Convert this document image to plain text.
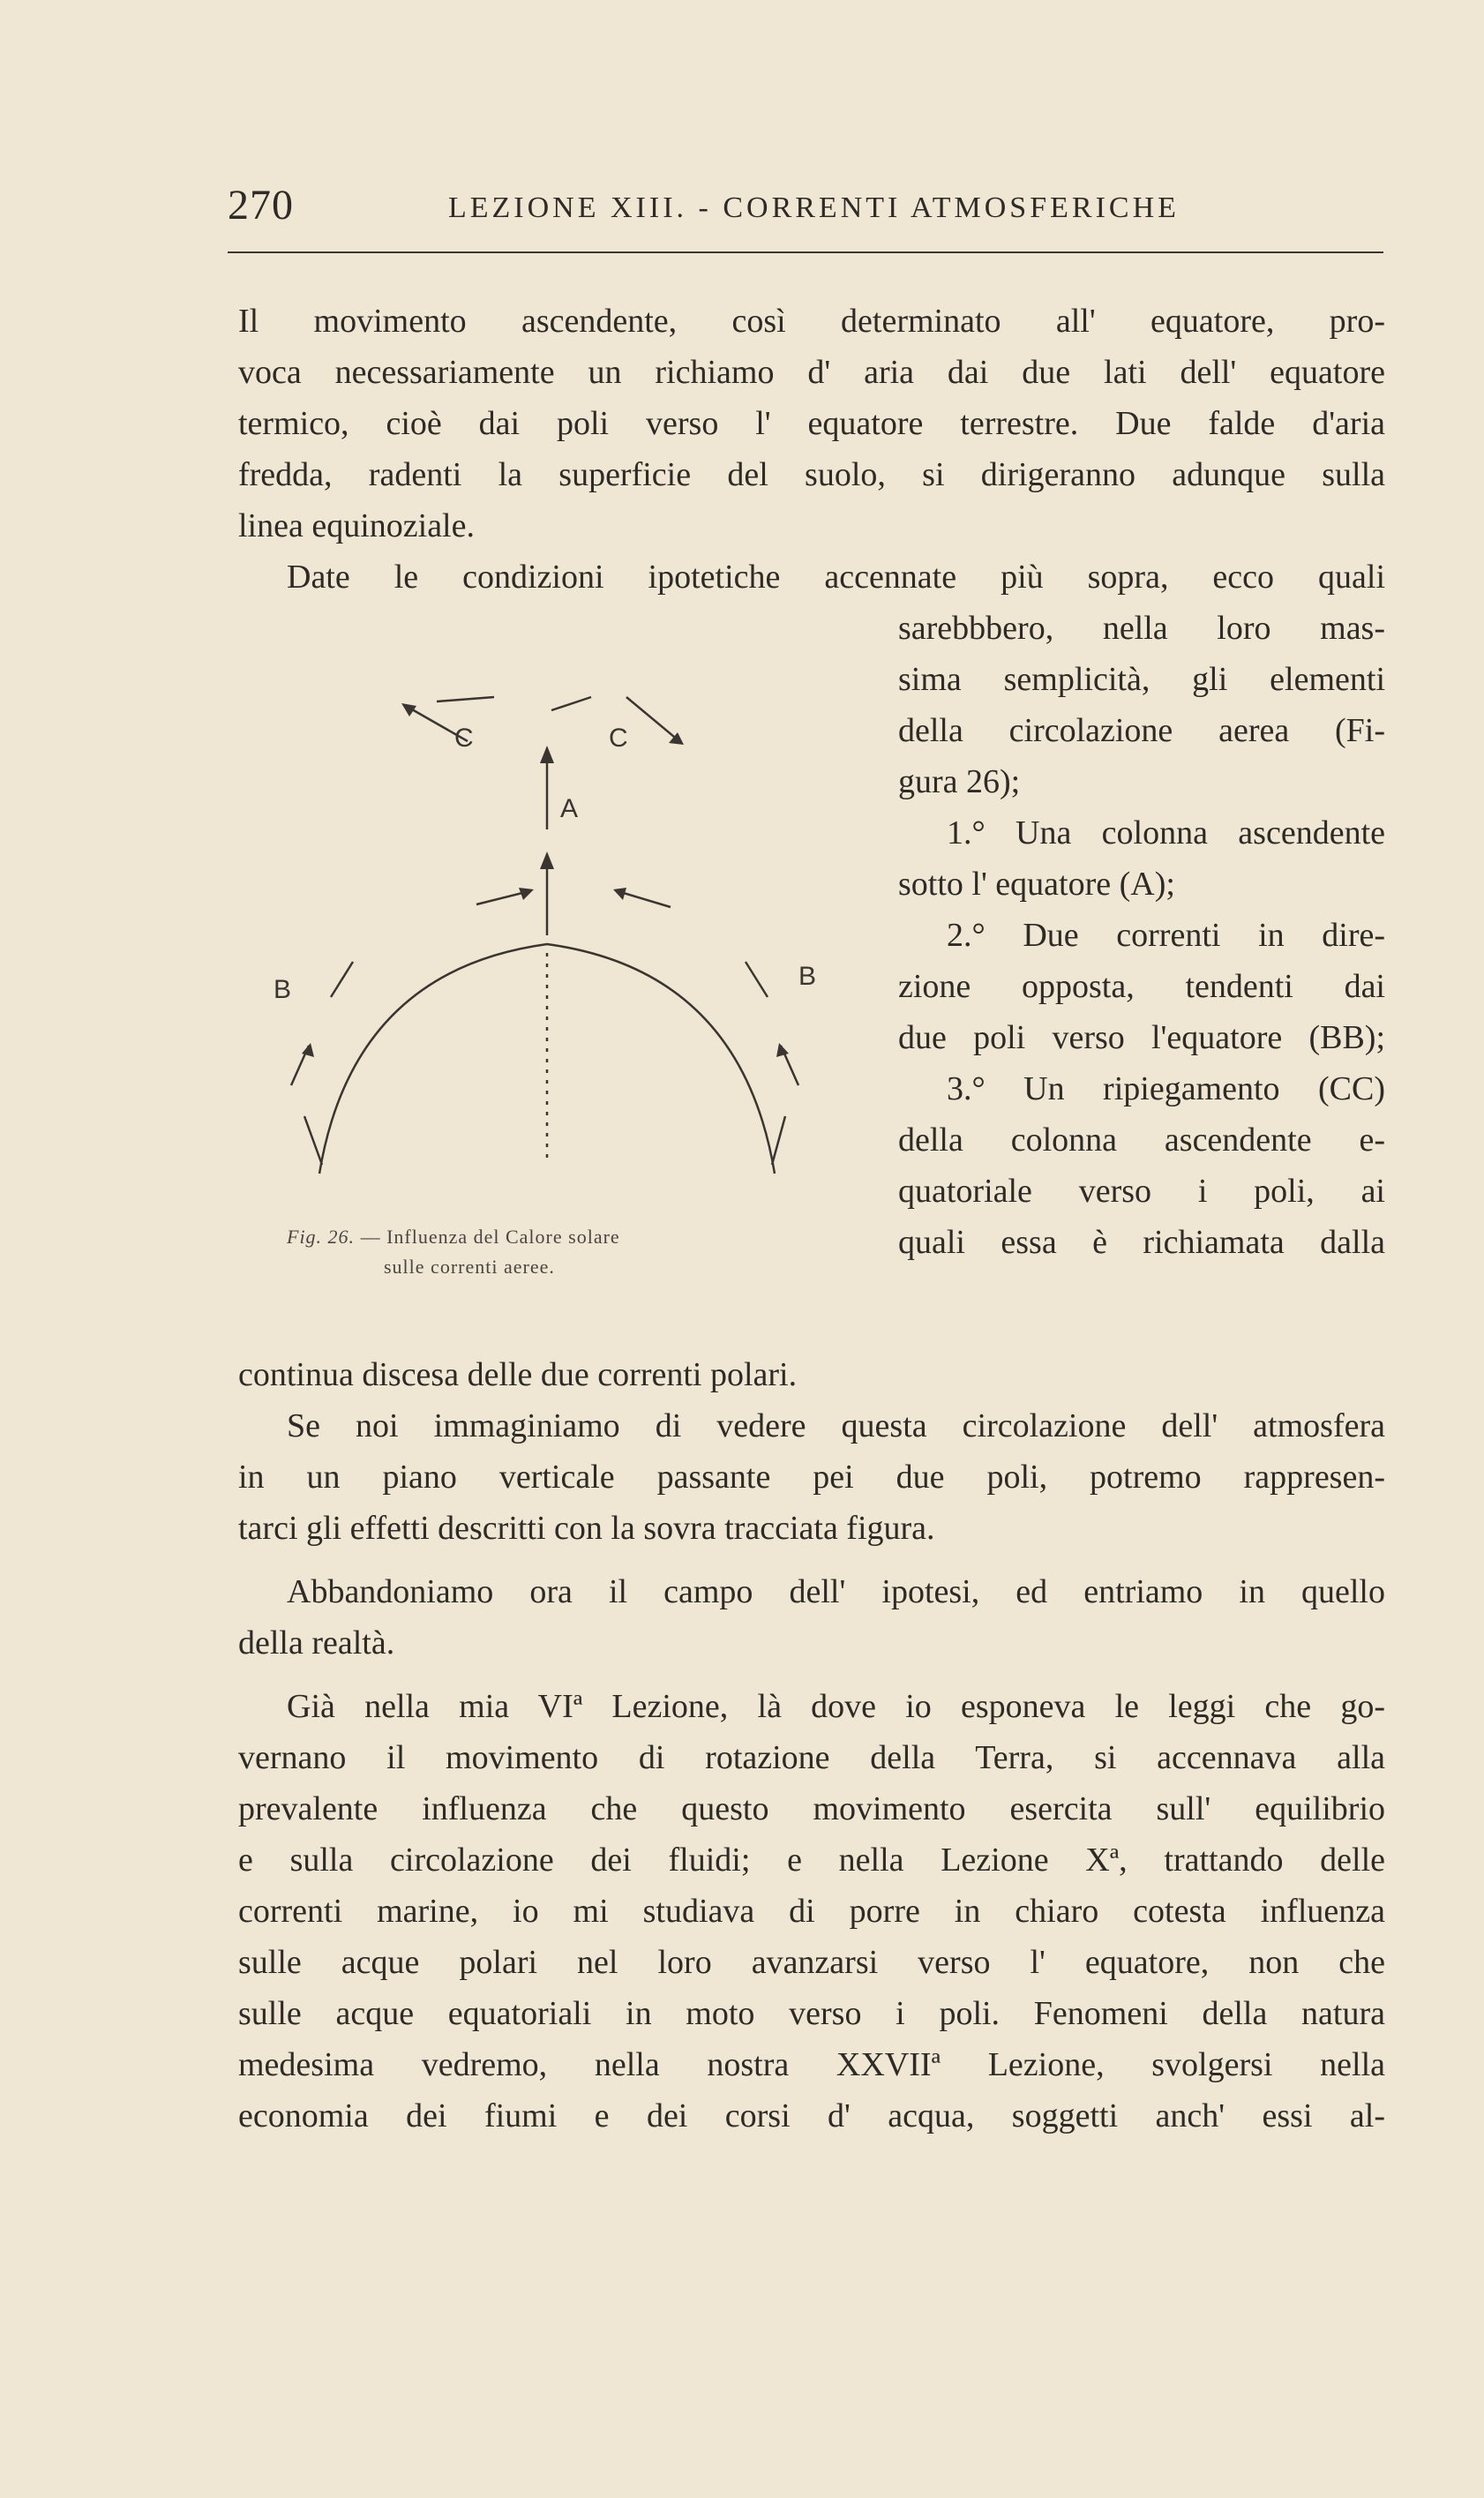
270	LEZIONE XIII. - CORRENTI ATMOSFERICHE
Il movimento ascendente, così determinato all' equatore, pro-
voca necessariamente un richiamo d' aria dai due lati dell' equatore
termico, cioè dai poli verso l' equatore terrestre. Due falde d'aria
fredda, radenti la superficie del suolo, si dirigeranno adunque sulla
linea equinoziale.
Date le condizioni ipotetiche accennate più sopra, ecco quali
sarebbbero, nella loro mas-
sima semplicità, gli elementi
della circolazione aerea (Fi-
gura 26);
1.° Una colonna ascendente
sotto l' equatore (A);
2.° Due correnti in dire-
zione opposta, tendenti dai
due poli verso l'equatore (BB);
3.° Un ripiegamento (CC)
della colonna ascendente e-
quatoriale verso i poli, ai
quali essa è richiamata dalla
C	C
A
B	B
Fig. 26. — Influenza del Calore solare
sulle correnti aeree.
continua discesa delle due correnti polari.
Se noi immaginiamo di vedere questa circolazione dell' atmosfera
in un piano verticale passante pei due poli, potremo rappresen-
tarci gli effetti descritti con la sovra tracciata figura.
Abbandoniamo ora il campo dell' ipotesi, ed entriamo in quello
della realtà.
Già nella mia VIª Lezione, là dove io esponeva le leggi che go-
vernano il movimento di rotazione della Terra, si accennava alla
prevalente influenza che questo movimento esercita sull' equilibrio
e sulla circolazione dei fluidi; e nella Lezione Xª, trattando delle
correnti marine, io mi studiava di porre in chiaro cotesta influenza
sulle acque polari nel loro avanzarsi verso l' equatore, non che
sulle acque equatoriali in moto verso i poli. Fenomeni della natura
medesima vedremo, nella nostra XXVIIª Lezione, svolgersi nella
economia dei fiumi e dei corsi d' acqua, soggetti anch' essi al-
